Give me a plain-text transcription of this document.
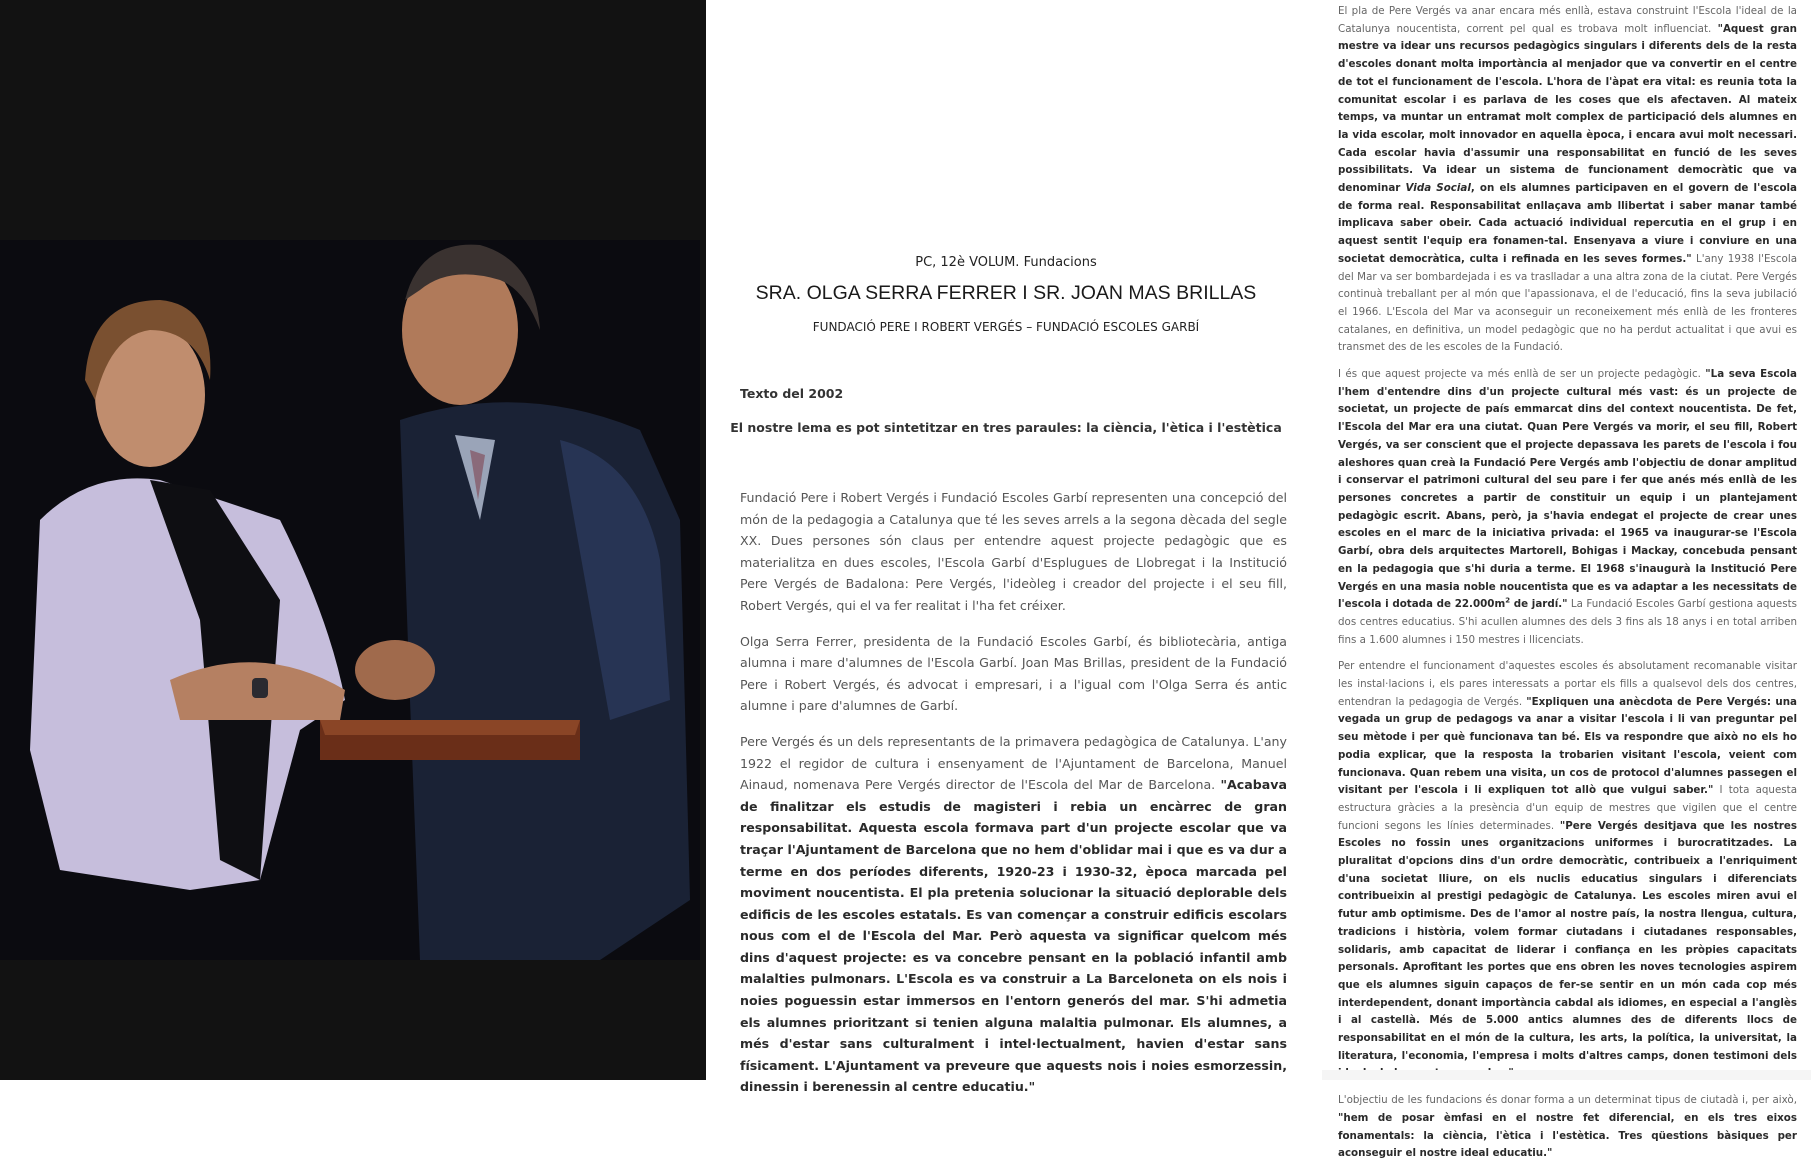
PC, 12è VOLUM. Fundacions
SRA. OLGA SERRA FERRER I SR. JOAN MAS BRILLAS
FUNDACIÓ PERE I ROBERT VERGÉS – FUNDACIÓ ESCOLES GARBÍ
Texto del 2002
El nostre lema es pot sintetitzar en tres paraules: la ciència, l'ètica i l'estètica

Fundació Pere i Robert Vergés i Fundació Escoles Garbí representen una concepció del món de la pedagogia a Catalunya que té les seves arrels a la segona dècada del segle XX. Dues persones són claus per entendre aquest projecte pedagògic que es materialitza en dues escoles, l'Escola Garbí d'Esplugues de Llobregat i la Institució Pere Vergés de Badalona: Pere Vergés, l'ideòleg i creador del projecte i el seu fill, Robert Vergés, qui el va fer realitat i l'ha fet créixer.

Olga Serra Ferrer, presidenta de la Fundació Escoles Garbí, és bibliotecària, antiga alumna i mare d'alumnes de l'Escola Garbí. Joan Mas Brillas, president de la Fundació Pere i Robert Vergés, és advocat i empresari, i a l'igual com l'Olga Serra és antic alumne i pare d'alumnes de Garbí.

Pere Vergés és un dels representants de la primavera pedagògica de Catalunya. L'any 1922 el regidor de cultura i ensenyament de l'Ajuntament de Barcelona, Manuel Ainaud, nomenava Pere Vergés director de l'Escola del Mar de Barcelona. "Acabava de finalitzar els estudis de magisteri i rebia un encàrrec de gran responsabilitat. Aquesta escola formava part d'un projecte escolar que va traçar l'Ajuntament de Barcelona que no hem d'oblidar mai i que es va dur a terme en dos períodes diferents, 1920-23 i 1930-32, època marcada pel moviment noucentista. El pla pretenia solucionar la situació deplorable dels edificis de les escoles estatals. Es van començar a construir edificis escolars nous com el de l'Escola del Mar. Però aquesta va significar quelcom més dins d'aquest projecte: es va concebre pensant en la població infantil amb malalties pulmonars. L'Escola es va construir a La Barceloneta on els nois i noies poguessin estar immersos en l'entorn generós del mar. S'hi admetia els alumnes prioritzant si tenien alguna malaltia pulmonar. Els alumnes, a més d'estar sans culturalment i intel·lectualment, havien d'estar sans físicament. L'Ajuntament va preveure que aquests nois i noies esmorzessin, dinessin i berenessin al centre educatiu."

El pla de Pere Vergés va anar encara més enllà, estava construint l'Escola l'ideal de la Catalunya noucentista, corrent pel qual es trobava molt influenciat. "Aquest gran mestre va idear uns recursos pedagògics singulars i diferents dels de la resta d'escoles donant molta importància al menjador que va convertir en el centre de tot el funcionament de l'escola. L'hora de l'àpat era vital: es reunia tota la comunitat escolar i es parlava de les coses que els afectaven. Al mateix temps, va muntar un entramat molt complex de participació dels alumnes en la vida escolar, molt innovador en aquella època, i encara avui molt necessari. Cada escolar havia d'assumir una responsabilitat en funció de les seves possibilitats. Va idear un sistema de funcionament democràtic que va denominar Vida Social, on els alumnes participaven en el govern de l'escola de forma real. Responsabilitat enllaçava amb llibertat i saber manar també implicava saber obeir. Cada actuació individual repercutia en el grup i en aquest sentit l'equip era fonamen-tal. Ensenyava a viure i conviure en una societat democràtica, culta i refinada en les seves formes." L'any 1938 l'Escola del Mar va ser bombardejada i es va traslladar a una altra zona de la ciutat. Pere Vergés continuà treballant per al món que l'apassionava, el de l'educació, fins la seva jubilació el 1966. L'Escola del Mar va aconseguir un reconeixement més enllà de les fronteres catalanes, en definitiva, un model pedagògic que no ha perdut actualitat i que avui es transmet des de les escoles de la Fundació.

I és que aquest projecte va més enllà de ser un projecte pedagògic. "La seva Escola l'hem d'entendre dins d'un projecte cultural més vast: és un projecte de societat, un projecte de país emmarcat dins del context noucentista. De fet, l'Escola del Mar era una ciutat. Quan Pere Vergés va morir, el seu fill, Robert Vergés, va ser conscient que el projecte depassava les parets de l'escola i fou aleshores quan creà la Fundació Pere Vergés amb l'objectiu de donar amplitud i conservar el patrimoni cultural del seu pare i fer que anés més enllà de les persones concretes a partir de constituir un equip i un plantejament pedagògic escrit. Abans, però, ja s'havia endegat el projecte de crear unes escoles en el marc de la iniciativa privada: el 1965 va inaugurar-se l'Escola Garbí, obra dels arquitectes Martorell, Bohigas i Mackay, concebuda pensant en la pedagogia que s'hi duria a terme. El 1968 s'inaugurà la Institució Pere Vergés en una masia noble noucentista que es va adaptar a les necessitats de l'escola i dotada de $22.000m^2$ de jardí." La Fundació Escoles Garbí gestiona aquests dos centres educatius. S'hi acullen alumnes des dels 3 fins als 18 anys i en total arriben fins a 1.600 alumnes i 150 mestres i llicenciats.

Per entendre el funcionament d'aquestes escoles és absolutament recomanable visitar les instal·lacions i, els pares interessats a portar els fills a qualsevol dels dos centres, entendran la pedagogia de Vergés. "Expliquen una anècdota de Pere Vergés: una vegada un grup de pedagogs va anar a visitar l'escola i li van preguntar pel seu mètode i per què funcionava tan bé. Els va respondre que això no els ho podia explicar, que la resposta la trobarien visitant l'escola, veient com funcionava. Quan rebem una visita, un cos de protocol d'alumnes passegen el visitant per l'escola i li expliquen tot allò que vulgui saber." I tota aquesta estructura gràcies a la presència d'un equip de mestres que vigilen que el centre funcioni segons les línies determinades. "Pere Vergés desitjava que les nostres Escoles no fossin unes organitzacions uniformes i burocratitzades. La pluralitat d'opcions dins d'un ordre democràtic, contribueix a l'enriquiment d'una societat lliure, on els nuclis educatius singulars i diferenciats contribueixin al prestigi pedagògic de Catalunya. Les escoles miren avui el futur amb optimisme. Des de l'amor al nostre país, la nostra llengua, cultura, tradicions i història, volem formar ciutadans i ciutadanes responsables, solidaris, amb capacitat de liderar i confiança en les pròpies capacitats personals. Aprofitant les portes que ens obren les noves tecnologies aspirem que els alumnes siguin capaços de fer-se sentir en un món cada cop més interdependent, donant importància cabdal als idiomes, en especial a l'anglès i al castellà. Més de 5.000 antics alumnes des de diferents llocs de responsabilitat en el món de la cultura, les arts, la política, la universitat, la literatura, l'economia, l'empresa i molts d'altres camps, donen testimoni dels

L'objectiu de les fundacions és donar forma a un determinat tipus de ciutadà i, per això, "hem de posar èmfasi en el nostre fet diferencial, en els tres eixos fonamentals: la ciència, l'ètica i l'estètica. Tres qüestions bàsiques per aconseguir el nostre ideal educatiu."
